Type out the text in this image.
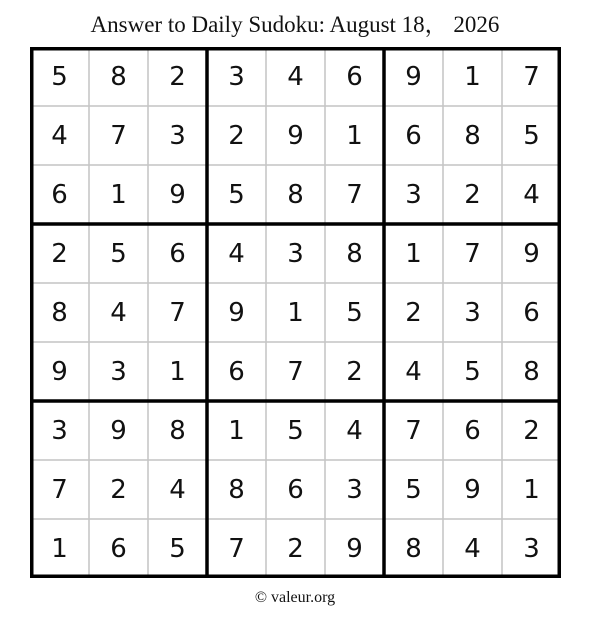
Answer to Daily Sudoku: August 18， 2026
5	8	2	3	4	6	9	1	7
4	7	3	2	9	1	6	8	5
6	1	9	5	8	7	3	2	4
2	5	6	4	3	8	1	7	9
8	4	7	9	1	5	2	3	6
9	3	1	6	7	2	4	5	8
3	9	8	1	5	4	7	6	2
7	2	4	8	6	3	5	9	1
1	6	5	7	2	9	8	4	3
© valeur.org
